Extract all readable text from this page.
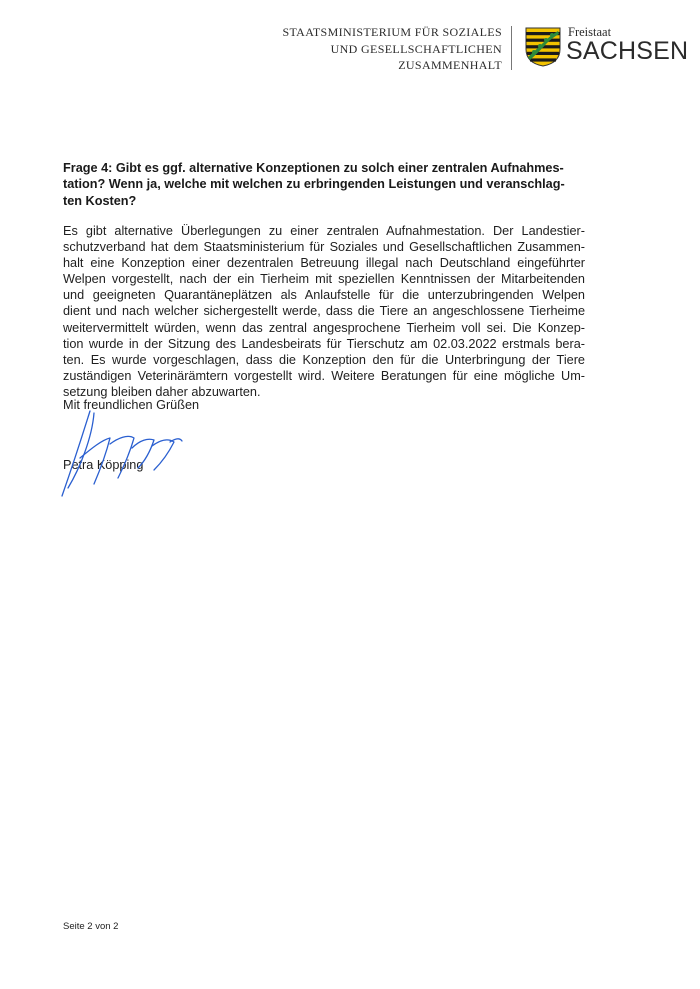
STAATSMINISTERIUM FÜR SOZIALES
UND GESELLSCHAFTLICHEN
ZUSAMMENHALT
Freistaat
SACHSEN
Frage 4: Gibt es ggf. alternative Konzeptionen zu solch einer zentralen Aufnahmes-
tation? Wenn ja, welche mit welchen zu erbringenden Leistungen und veranschlag-
ten Kosten?
Es gibt alternative Überlegungen zu einer zentralen Aufnahmestation. Der Landestier-
schutzverband hat dem Staatsministerium für Soziales und Gesellschaftlichen Zusammen-
halt eine Konzeption einer dezentralen Betreuung illegal nach Deutschland eingeführter
Welpen vorgestellt, nach der ein Tierheim mit speziellen Kenntnissen der Mitarbeitenden
und geeigneten Quarantäneplätzen als Anlaufstelle für die unterzubringenden Welpen
dient und nach welcher sichergestellt werde, dass die Tiere an angeschlossene Tierheime
weitervermittelt würden, wenn das zentral angesprochene Tierheim voll sei. Die Konzep-
tion wurde in der Sitzung des Landesbeirats für Tierschutz am 02.03.2022 erstmals bera-
ten. Es wurde vorgeschlagen, dass die Konzeption den für die Unterbringung der Tiere
zuständigen Veterinärämtern vorgestellt wird. Weitere Beratungen für eine mögliche Um-
setzung bleiben daher abzuwarten.
Mit freundlichen Grüßen
Petra Köpping
Seite 2 von 2
